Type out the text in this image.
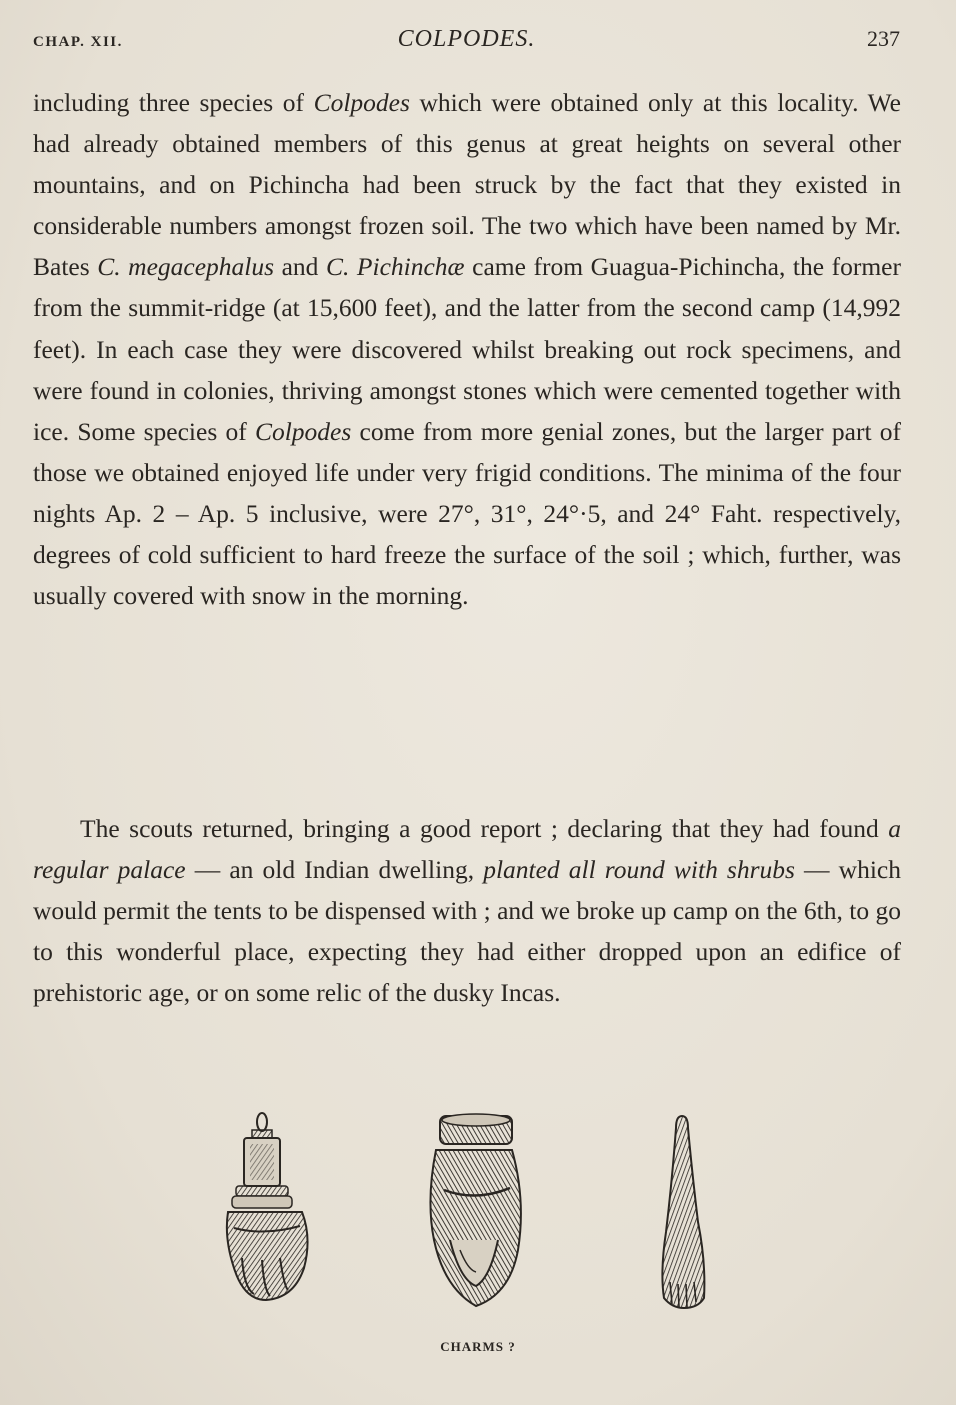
CHAP. XII.	COLPODES.	237
including three species of Colpodes which were obtained only at this locality. We had already obtained members of this genus at great heights on several other mountains, and on Pichincha had been struck by the fact that they existed in considerable numbers amongst frozen soil. The two which have been named by Mr. Bates C. megacephalus and C. Pichinchæ came from Guagua-Pichincha, the former from the summit-ridge (at 15,600 feet), and the latter from the second camp (14,992 feet). In each case they were discovered whilst breaking out rock specimens, and were found in colonies, thriving amongst stones which were cemented together with ice. Some species of Colpodes come from more genial zones, but the larger part of those we obtained enjoyed life under very frigid conditions. The minima of the four nights Ap. 2 – Ap. 5 inclusive, were 27°, 31°, 24°·5, and 24° Faht. respectively, degrees of cold sufficient to hard freeze the surface of the soil ; which, further, was usually covered with snow in the morning.
The scouts returned, bringing a good report ; declaring that they had found a regular palace — an old Indian dwelling, planted all round with shrubs — which would permit the tents to be dispensed with ; and we broke up camp on the 6th, to go to this wonderful place, expecting they had either dropped upon an edifice of prehistoric age, or on some relic of the dusky Incas.
CHARMS ?
